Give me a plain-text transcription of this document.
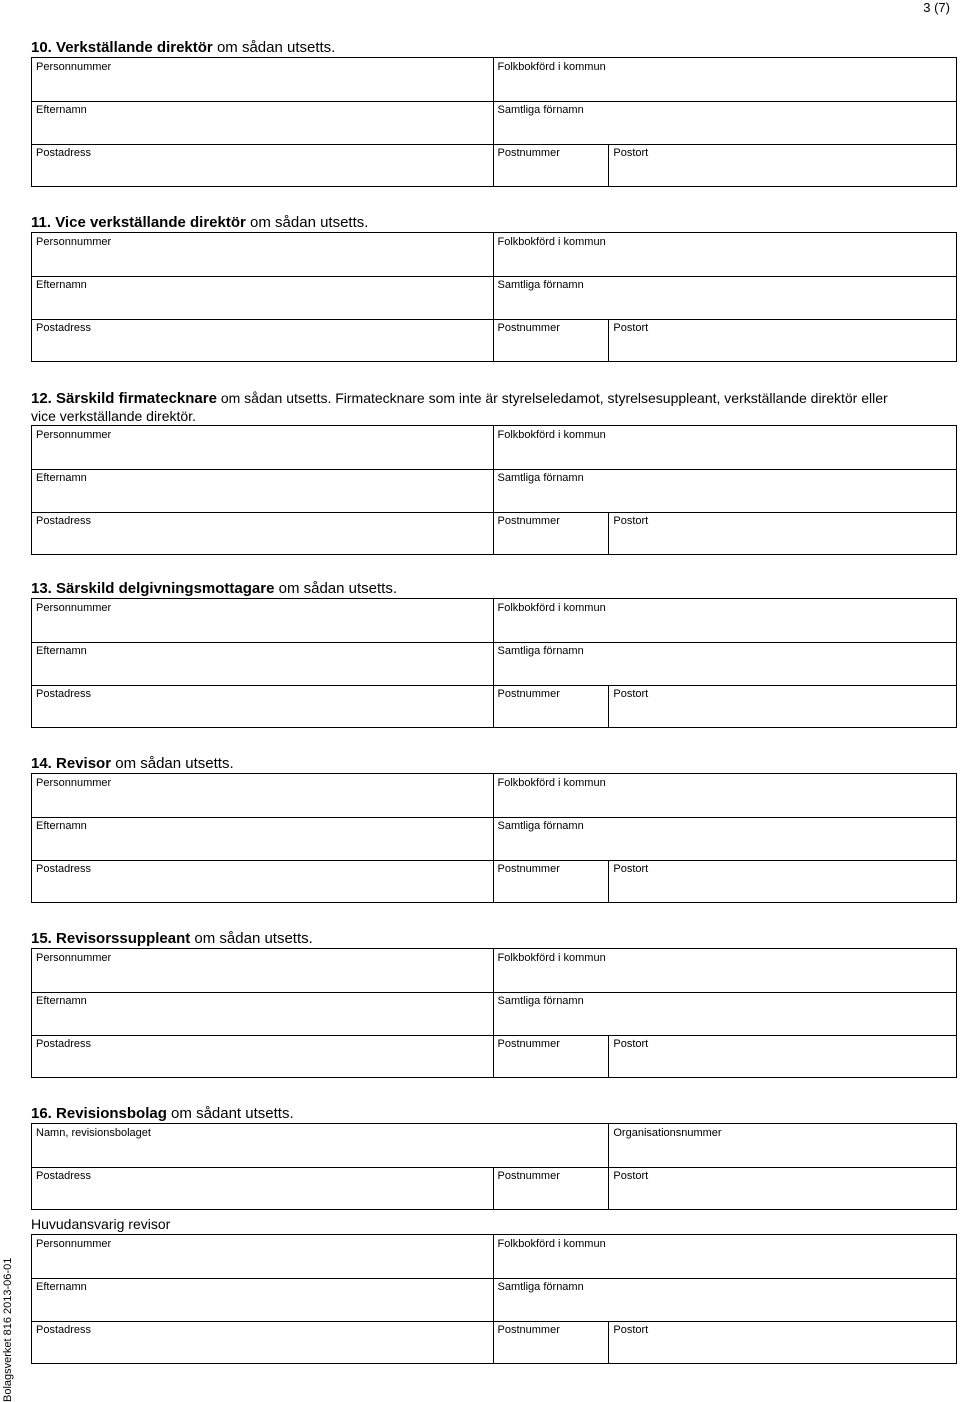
3 (7)
Bolagsverket 816 2013-06-01
10. Verkställande direktör om sådan utsetts.
Personnummer	Folkbokförd i kommun
Efternamn	Samtliga förnamn
Postadress	Postnummer	Postort
11. Vice verkställande direktör om sådan utsetts.
Personnummer	Folkbokförd i kommun
Efternamn	Samtliga förnamn
Postadress	Postnummer	Postort
12. Särskild firmatecknare om sådan utsetts. Firmatecknare som inte är styrelseledamot, styrelsesuppleant, verkställande direktör eller
vice verkställande direktör.
Personnummer	Folkbokförd i kommun
Efternamn	Samtliga förnamn
Postadress	Postnummer	Postort
13. Särskild delgivningsmottagare om sådan utsetts.
Personnummer	Folkbokförd i kommun
Efternamn	Samtliga förnamn
Postadress	Postnummer	Postort
14. Revisor om sådan utsetts.
Personnummer	Folkbokförd i kommun
Efternamn	Samtliga förnamn
Postadress	Postnummer	Postort
15. Revisorssuppleant om sådan utsetts.
Personnummer	Folkbokförd i kommun
Efternamn	Samtliga förnamn
Postadress	Postnummer	Postort
16. Revisionsbolag om sådant utsetts.
Namn, revisionsbolaget	Organisationsnummer
Postadress	Postnummer	Postort
Huvudansvarig revisor
Personnummer	Folkbokförd i kommun
Efternamn	Samtliga förnamn
Postadress	Postnummer	Postort
